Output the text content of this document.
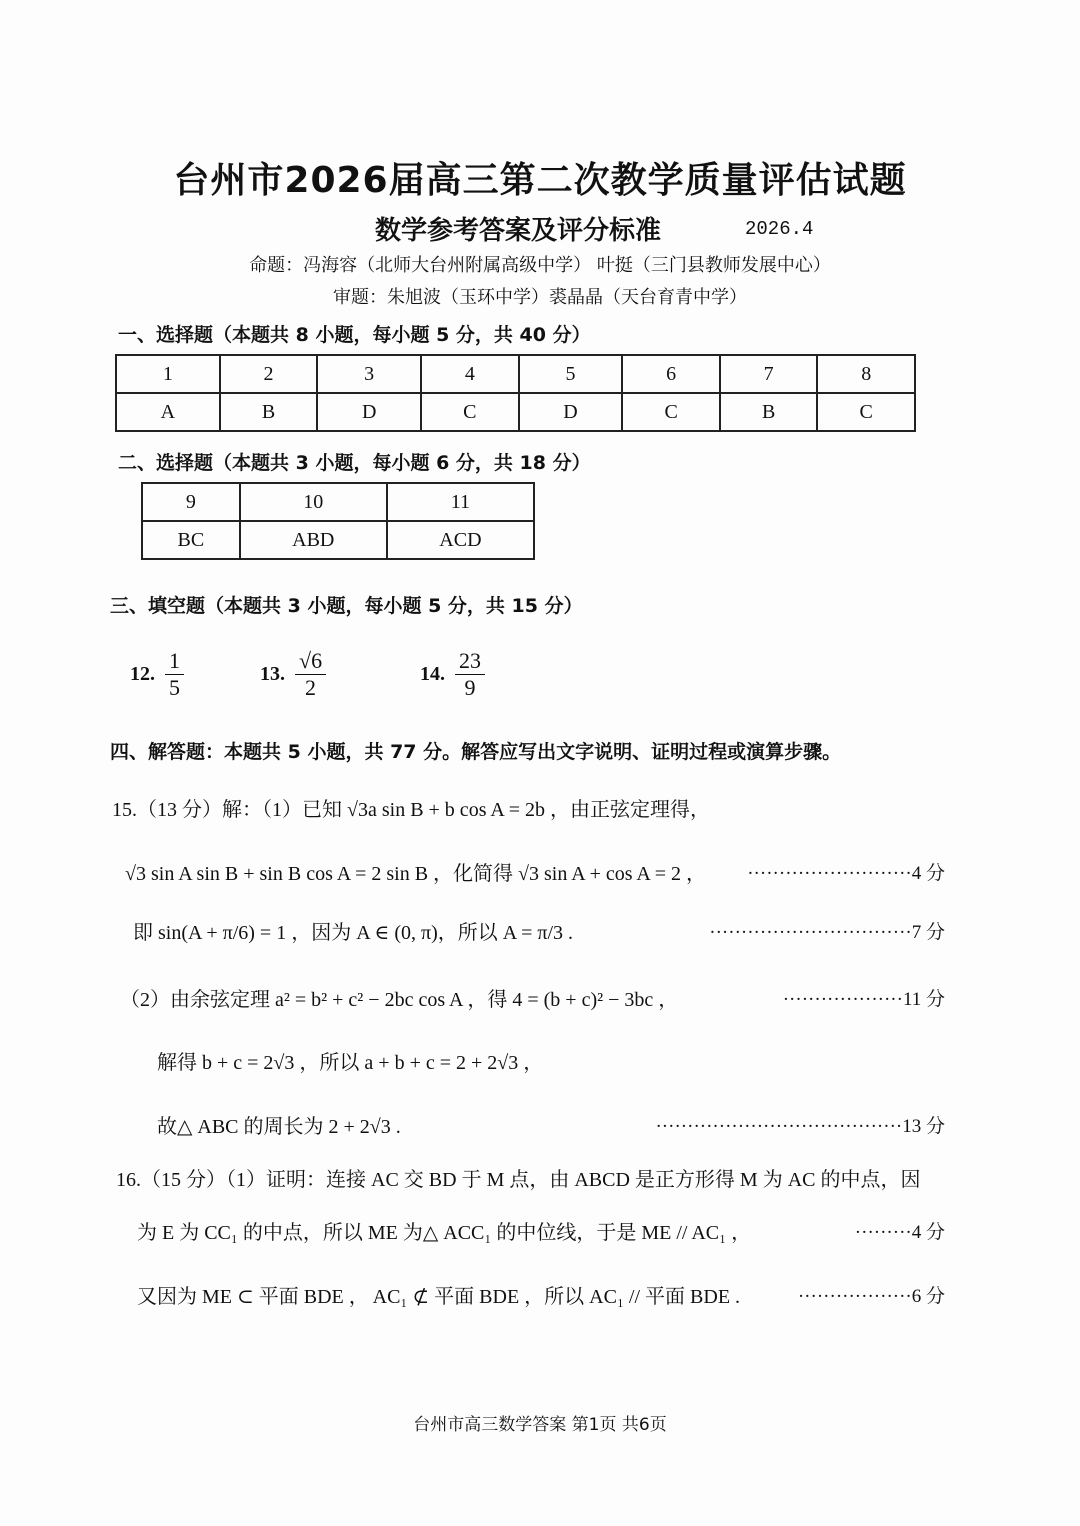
台州市2026届高三第二次教学质量评估试题
数学参考答案及评分标准	2026.4
命题：冯海容（北师大台州附属高级中学） 叶挺（三门县教师发展中心）
审题：朱旭波（玉环中学）裘晶晶（天台育青中学）
一、选择题（本题共 8 小题，每小题 5 分，共 40 分）
1	2	3	4	5	6	7	8
A	B	D	C	D	C	B	C
二、选择题（本题共 3 小题，每小题 6 分，共 18 分）
9	10	11
BC	ABD	ACD
三、填空题（本题共 3 小题，每小题 5 分，共 15 分）
12. $\frac{1}{5}$	13. $\frac{√6}{2}$	14. $\frac{23}{9}$
四、解答题：本题共 5 小题，共 77 分。解答应写出文字说明、证明过程或演算步骤。
15.（13 分）解：（1）已知 √3a sin B + b cos A = 2b ，由正弦定理得，
√3 sin A sin B + sin B cos A = 2 sin B ，化简得 √3 sin A + cos A = 2 ， ··························4 分
即 sin(A + π/6) = 1 ，因为 A ∈ (0, π)，所以 A = π/3 .	································7 分
（2）由余弦定理 a² = b² + c² − 2bc cos A ，得 4 = (b + c)² − 3bc ，	···················11 分
解得 b + c = 2√3 ，所以 a + b + c = 2 + 2√3 ，
故△ ABC 的周长为 2 + 2√3 .	·······································13 分
16.（15 分）（1）证明：连接 AC 交 BD 于 M 点，由 ABCD 是正方形得 M 为 AC 的中点，因
为 E 为 CC₁ 的中点，所以 ME 为△ ACC₁ 的中位线，于是 ME // AC₁ ，	·········4 分
又因为 ME ⊂ 平面 BDE ， AC₁ ⊄ 平面 BDE ，所以 AC₁ // 平面 BDE .	··················6 分
台州市高三数学答案 第1页 共6页
